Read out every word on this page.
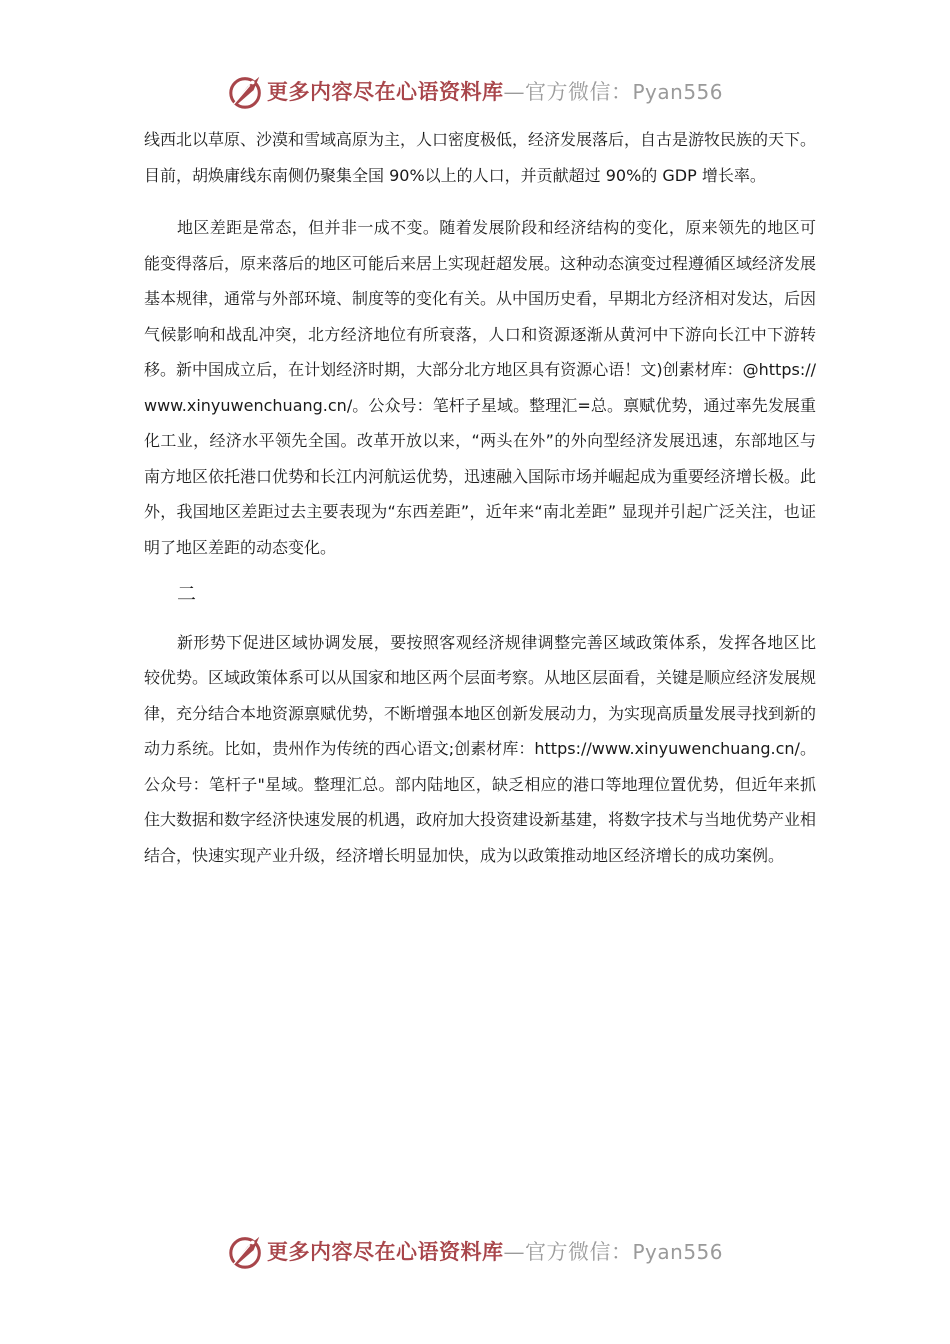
更多内容尽在心语资料库—官方微信：Pyan556

线西北以草原、沙漠和雪域高原为主，人口密度极低，经济发展落后，自古是游牧民族的天下。目前，胡焕庸线东南侧仍聚集全国 90%以上的人口，并贡献超过 90%的 GDP 增长率。

地区差距是常态，但并非一成不变。随着发展阶段和经济结构的变化，原来领先的地区可能变得落后，原来落后的地区可能后来居上实现赶超发展。这种动态演变过程遵循区域经济发展基本规律，通常与外部环境、制度等的变化有关。从中国历史看，早期北方经济相对发达，后因气候影响和战乱冲突，北方经济地位有所衰落，人口和资源逐渐从黄河中下游向长江中下游转移。新中国成立后，在计划经济时期，大部分北方地区具有资源心语！文)创素材库：@https://www.xinyuwenchuang.cn/。公众号：笔杆子星域。整理汇=总。禀赋优势，通过率先发展重化工业，经济水平领先全国。改革开放以来，“两头在外”的外向型经济发展迅速，东部地区与南方地区依托港口优势和长江内河航运优势，迅速融入国际市场并崛起成为重要经济增长极。此外，我国地区差距过去主要表现为“东西差距”，近年来“南北差距” 显现并引起广泛关注，也证明了地区差距的动态变化。

二

新形势下促进区域协调发展，要按照客观经济规律调整完善区域政策体系，发挥各地区比较优势。区域政策体系可以从国家和地区两个层面考察。从地区层面看，关键是顺应经济发展规律，充分结合本地资源禀赋优势，不断增强本地区创新发展动力，为实现高质量发展寻找到新的动力系统。比如，贵州作为传统的西心语文;创素材库：https://www.xinyuwenchuang.cn/。公众号：笔杆子"星域。整理汇总。部内陆地区，缺乏相应的港口等地理位置优势，但近年来抓住大数据和数字经济快速发展的机遇，政府加大投资建设新基建，将数字技术与当地优势产业相结合，快速实现产业升级，经济增长明显加快，成为以政策推动地区经济增长的成功案例。

更多内容尽在心语资料库—官方微信：Pyan556
